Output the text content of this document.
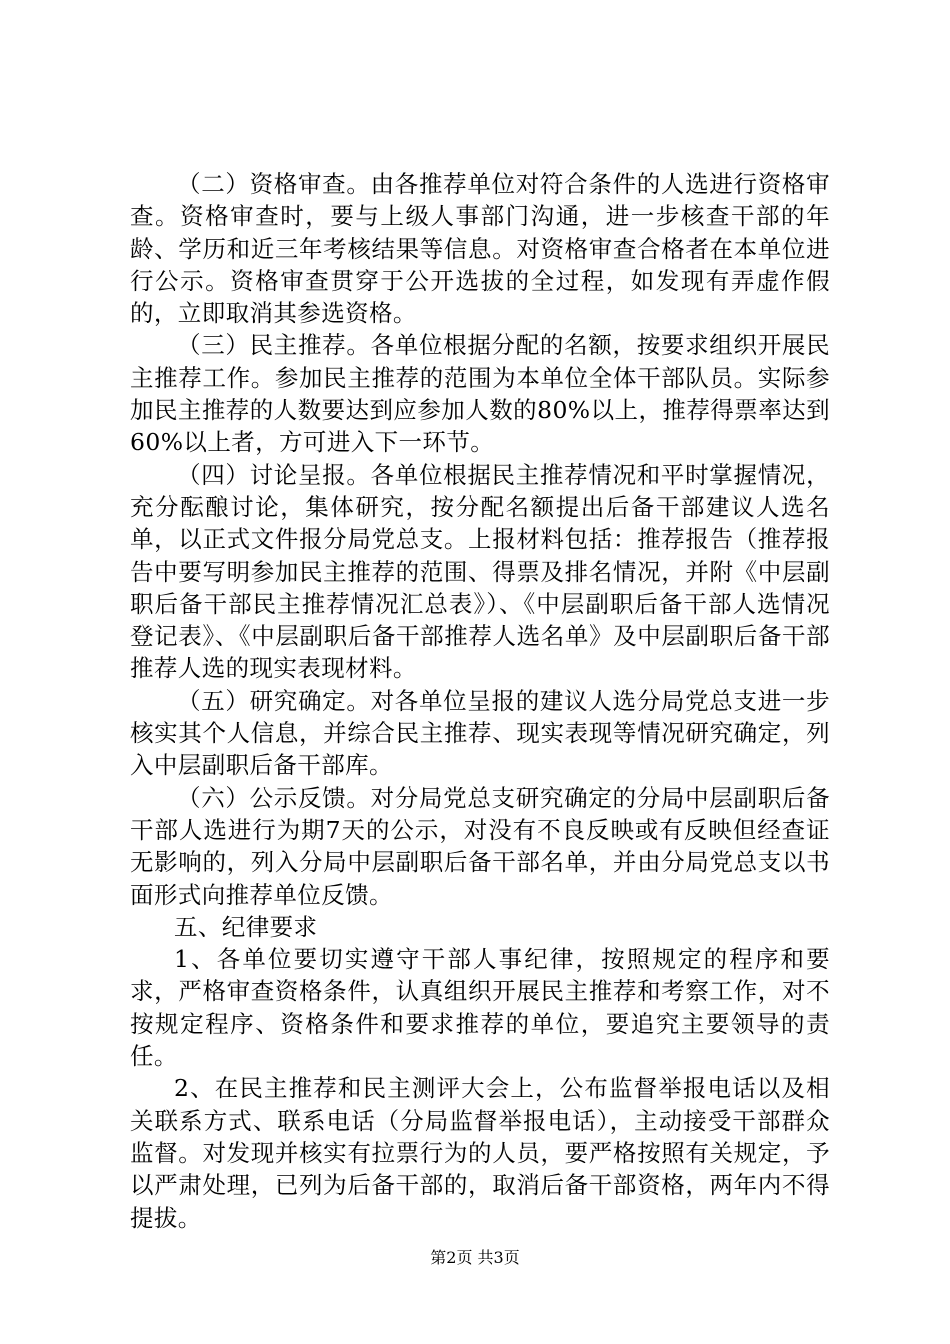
（二）资格审查。由各推荐单位对符合条件的人选进行资格审查。资格审查时，要与上级人事部门沟通，进一步核查干部的年龄、学历和近三年考核结果等信息。对资格审查合格者在本单位进行公示。资格审查贯穿于公开选拔的全过程，如发现有弄虚作假的，立即取消其参选资格。

（三）民主推荐。各单位根据分配的名额，按要求组织开展民主推荐工作。参加民主推荐的范围为本单位全体干部队员。实际参加民主推荐的人数要达到应参加人数的80%以上，推荐得票率达到60%以上者，方可进入下一环节。

（四）讨论呈报。各单位根据民主推荐情况和平时掌握情况，充分酝酿讨论，集体研究，按分配名额提出后备干部建议人选名单，以正式文件报分局党总支。上报材料包括：推荐报告（推荐报告中要写明参加民主推荐的范围、得票及排名情况，并附《中层副职后备干部民主推荐情况汇总表》）、《中层副职后备干部人选情况登记表》、《中层副职后备干部推荐人选名单》及中层副职后备干部推荐人选的现实表现材料。

（五）研究确定。对各单位呈报的建议人选分局党总支进一步核实其个人信息，并综合民主推荐、现实表现等情况研究确定，列入中层副职后备干部库。

（六）公示反馈。对分局党总支研究确定的分局中层副职后备干部人选进行为期7天的公示，对没有不良反映或有反映但经查证无影响的，列入分局中层副职后备干部名单，并由分局党总支以书面形式向推荐单位反馈。

五、纪律要求

1、各单位要切实遵守干部人事纪律，按照规定的程序和要求，严格审查资格条件，认真组织开展民主推荐和考察工作，对不按规定程序、资格条件和要求推荐的单位，要追究主要领导的责任。

2、在民主推荐和民主测评大会上，公布监督举报电话以及相关联系方式、联系电话（分局监督举报电话），主动接受干部群众监督。对发现并核实有拉票行为的人员，要严格按照有关规定，予以严肃处理，已列为后备干部的，取消后备干部资格，两年内不得提拔。

第2页 共3页
